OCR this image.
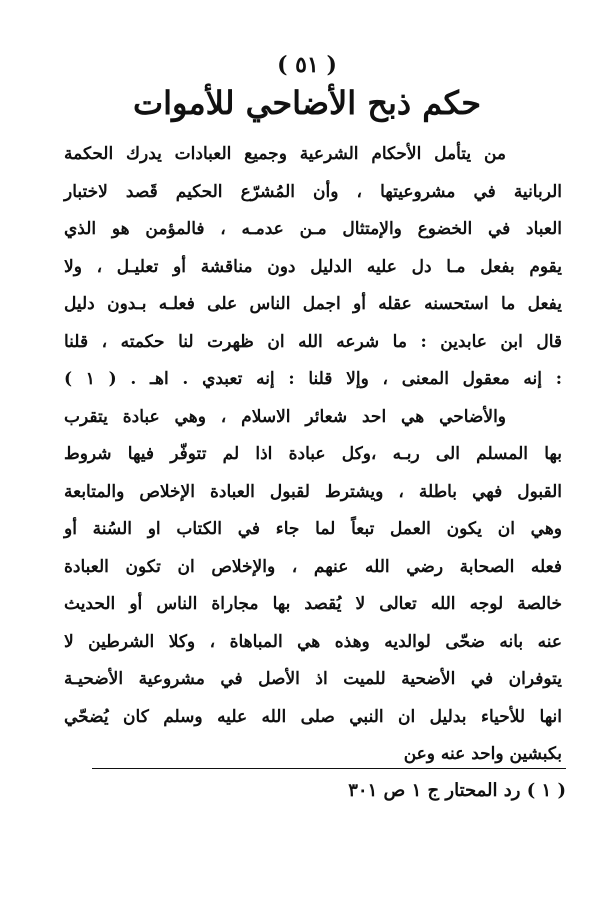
( ٥١ )
حكم ذبح الأضاحي للأموات
من يتأمل الأحكام الشرعية وجميع العبادات يدرك الحكمة
الربانية في مشروعيتها ، وأن المُشرّع الحكيم قَصد لاختبار
العباد في الخضوع والإمتثال مـن عدمـه ، فالمؤمن هو الذي
يقوم بفعل مـا دل عليه الدليل دون مناقشة أو تعليـل ، ولا
يفعل ما استحسنه عقله أو اجمل الناس على فعلـه بـدون دليل
قال ابن عابدين : ما شرعه الله ان ظهرت لنا حكمته ، قلنا
: إنه معقول المعنى ، وإلا قلنا : إنه تعبدي . اهـ . ( ١ )
والأضاحي هي احد شعائر الاسلام ، وهي عبادة يتقرب
بها المسلم الى ربـه ،وكل عبادة اذا لم تتوفّر فيها شروط
القبول فهي باطلة ، ويشترط لقبول العبادة الإخلاص والمتابعة
وهي ان يكون العمل تبعاً لما جاء في الكتاب او السُنة أو
فعله الصحابة رضي الله عنهم ، والإخلاص ان تكون العبادة
خالصة لوجه الله تعالى لا يُقصد بها مجاراة الناس أو الحديث
عنه بانه ضحّى لوالديه وهذه هي المباهاة ، وكلا الشرطين لا
يتوفران في الأضحية للميت اذ الأصل في مشروعية الأضحيـة
انها للأحياء بدليل ان النبي صلى الله عليه وسلم كان يُضحّي
بكبشين واحد عنه وعن
( ١ ) رد المحتار ج ١ ص ٣٠١
